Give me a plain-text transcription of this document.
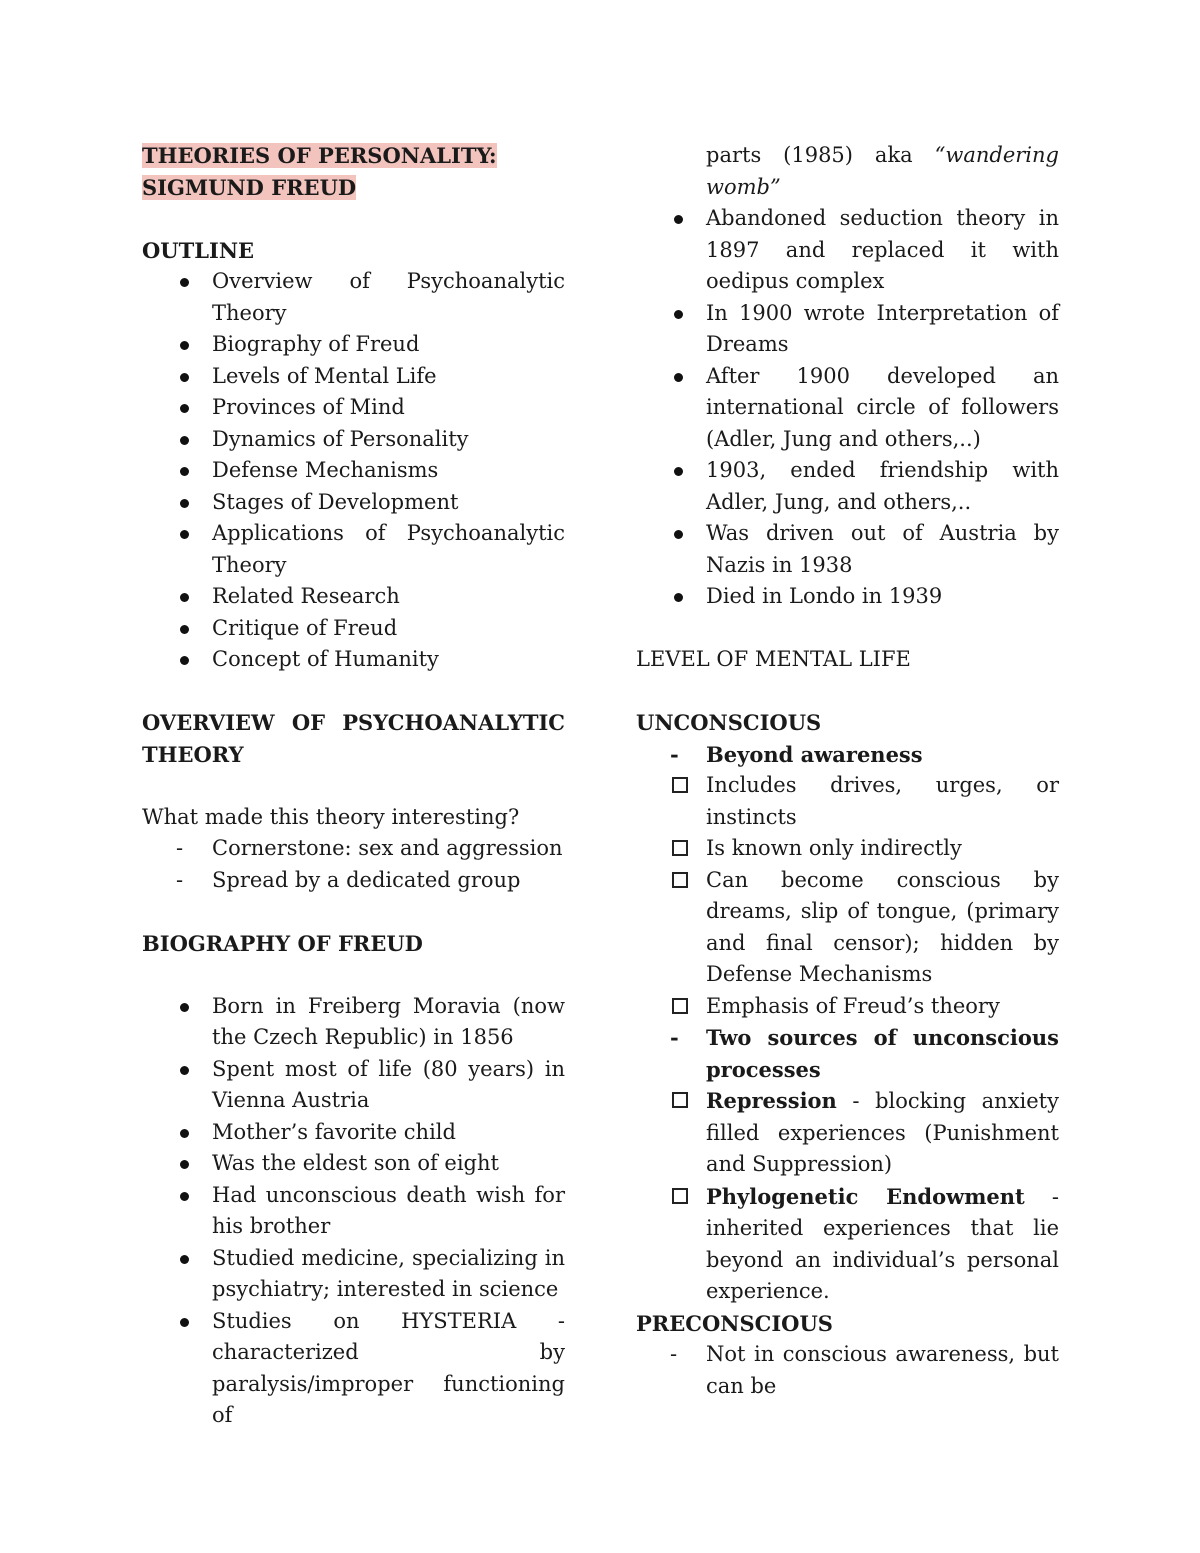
THEORIES OF PERSONALITY: SIGMUND FREUD

OUTLINE

Overview of Psychoanalytic Theory
Biography of Freud
Levels of Mental Life
Provinces of Mind
Dynamics of Personality
Defense Mechanisms
Stages of Development
Applications of Psychoanalytic Theory
Related Research
Critique of Freud
Concept of Humanity

OVERVIEW OF PSYCHOANALYTIC THEORY

What made this theory interesting?

-	Cornerstone: sex and aggression
-	Spread by a dedicated group

BIOGRAPHY OF FREUD

Born in Freiberg Moravia (now the Czech Republic) in 1856
Spent most of life (80 years) in Vienna Austria
Mother’s favorite child
Was the eldest son of eight
Had unconscious death wish for his brother
Studied medicine, specializing in psychiatry; interested in science
Studies on HYSTERIA - characterized by paralysis/improper functioning of
parts (1985) aka “wandering womb”
Abandoned seduction theory in 1897 and replaced it with oedipus complex
In 1900 wrote Interpretation of Dreams
After 1900 developed an international circle of followers (Adler, Jung and others,..)
1903, ended friendship with Adler, Jung, and others,..
Was driven out of Austria by Nazis in 1938
Died in Londo in 1939

LEVEL OF MENTAL LIFE

UNCONSCIOUS

-	Beyond awareness
Includes drives, urges, or instincts
Is known only indirectly
Can become conscious by dreams, slip of tongue, (primary and final censor); hidden by Defense Mechanisms
Emphasis of Freud’s theory
-	Two sources of unconscious processes
Repression - blocking anxiety filled experiences (Punishment and Suppression)
Phylogenetic Endowment - inherited experiences that lie beyond an individual’s personal experience.

PRECONSCIOUS

-	Not in conscious awareness, but can be
